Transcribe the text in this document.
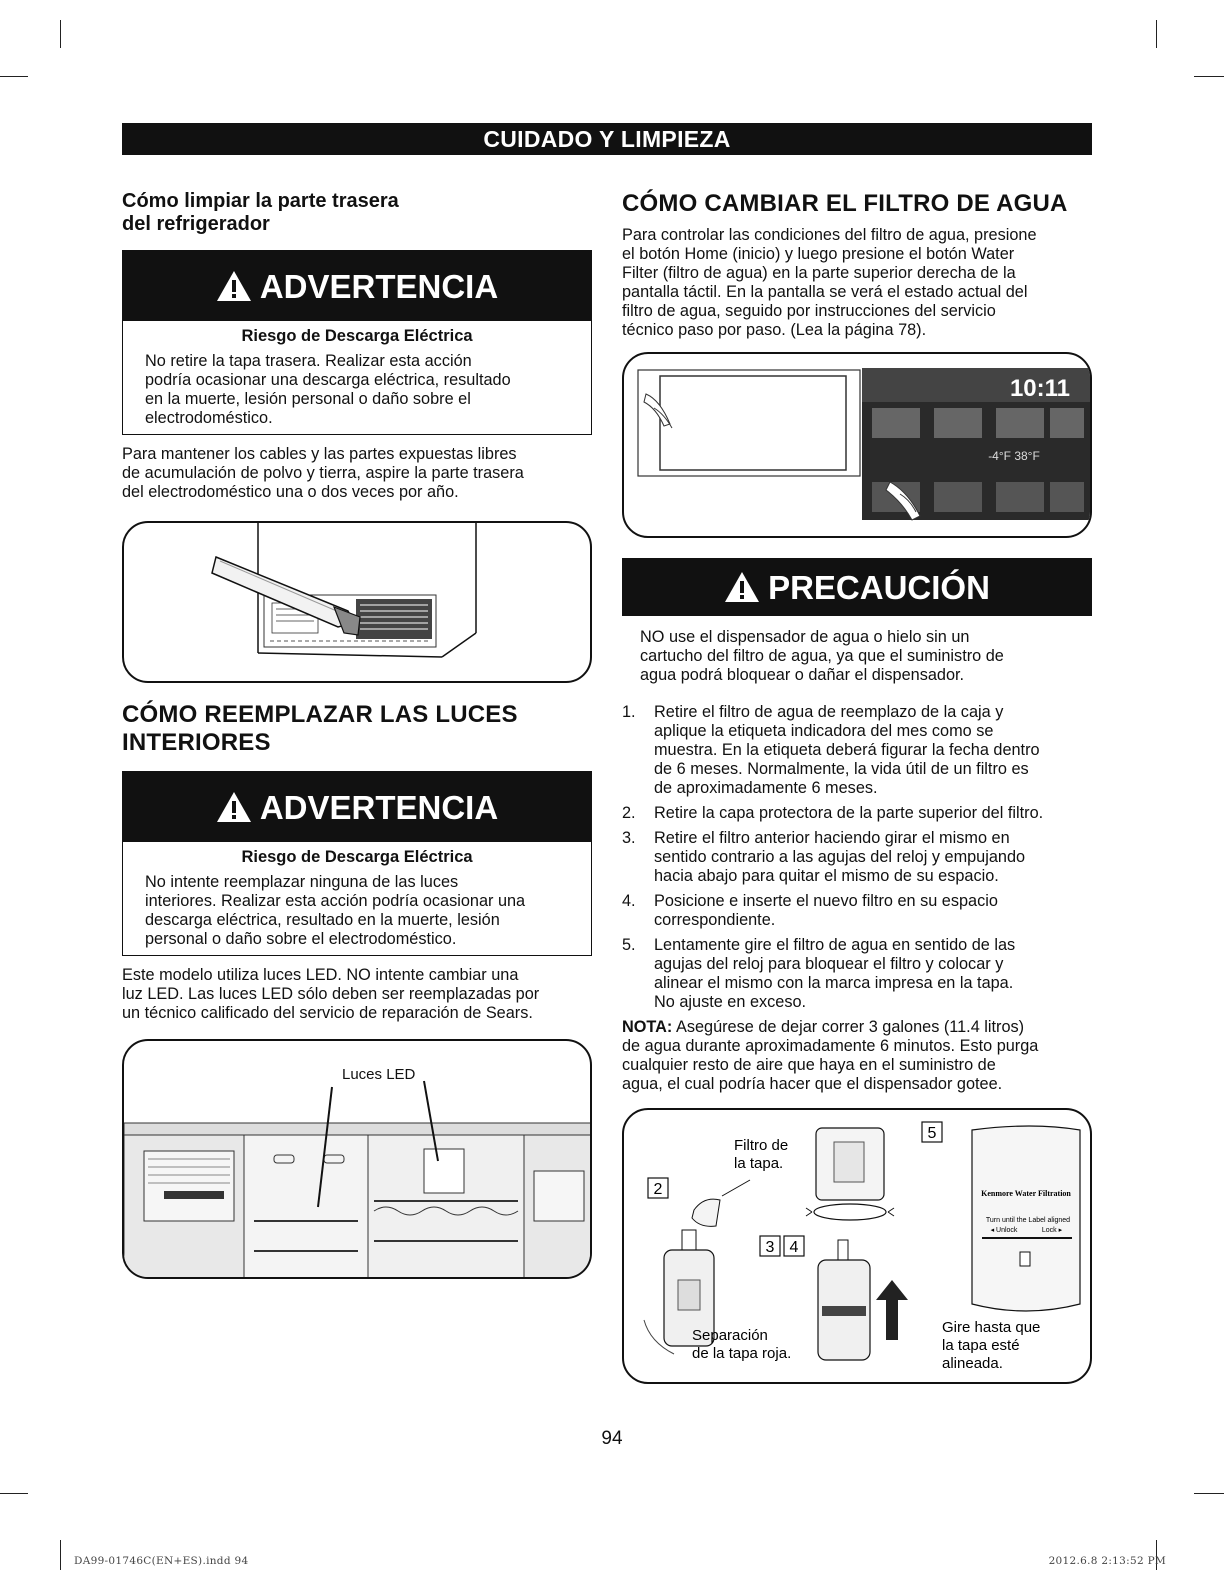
CUIDADO Y LIMPIEZA
Cómo limpiar la parte trasera
del refrigerador
ADVERTENCIA
Riesgo de Descarga Eléctrica
No retire la tapa trasera. Realizar esta acción
podría ocasionar una descarga eléctrica, resultado
en la muerte, lesión personal o daño sobre el
electrodoméstico.
Para mantener los cables y las partes expuestas libres
de acumulación de polvo y tierra, aspire la parte trasera
del electrodoméstico una o dos veces por año.
CÓMO REEMPLAZAR LAS LUCES
INTERIORES
ADVERTENCIA
Riesgo de Descarga Eléctrica
No intente reemplazar ninguna de las luces
interiores. Realizar esta acción podría ocasionar una
descarga eléctrica, resultado en la muerte, lesión
personal o daño sobre el electrodoméstico.
Este modelo utiliza luces LED. NO intente cambiar una
luz LED. Las luces LED sólo deben ser reemplazadas por
un técnico calificado del servicio de reparación de Sears.
Luces LED
CÓMO CAMBIAR EL FILTRO DE AGUA
Para controlar las condiciones del filtro de agua, presione
el botón Home (inicio) y luego presione el botón Water
Filter (filtro de agua) en la parte superior derecha de la
pantalla táctil. En la pantalla se verá el estado actual del
filtro de agua, seguido por instrucciones del servicio
técnico paso por paso. (Lea la página 78).
10:11
-4°F 38°F
PRECAUCIÓN
NO use el dispensador de agua o hielo sin un
cartucho del filtro de agua, ya que el suministro de
agua podrá bloquear o dañar el dispensador.
1. Retire el filtro de agua de reemplazo de la caja y
aplique la etiqueta indicadora del mes como se
muestra. En la etiqueta deberá figurar la fecha dentro
de 6 meses. Normalmente, la vida útil de un filtro es
de aproximadamente 6 meses.
2. Retire la capa protectora de la parte superior del filtro.
3. Retire el filtro anterior haciendo girar el mismo en
sentido contrario a las agujas del reloj y empujando
hacia abajo para quitar el mismo de su espacio.
4. Posicione e inserte el nuevo filtro en su espacio
correspondiente.
5. Lentamente gire el filtro de agua en sentido de las
agujas del reloj para bloquear el filtro y colocar y
alinear el mismo con la marca impresa en la tapa.
No ajuste en exceso.
NOTA: Asegúrese de dejar correr 3 galones (11.4 litros)
de agua durante aproximadamente 6 minutos. Esto purga
cualquier resto de aire que haya en el suministro de
agua, el cual podría hacer que el dispensador gotee.
2
Filtro de
la tapa.
Separación
de la tapa roja.
3 4
5
Kenmore Water Filtration
Turn until the Label aligned
◂ Unlock	Lock ▸
Gire hasta que
la tapa esté
alineada.
94
DA99-01746C(EN+ES).indd 94	2012.6.8 2:13:52 PM
